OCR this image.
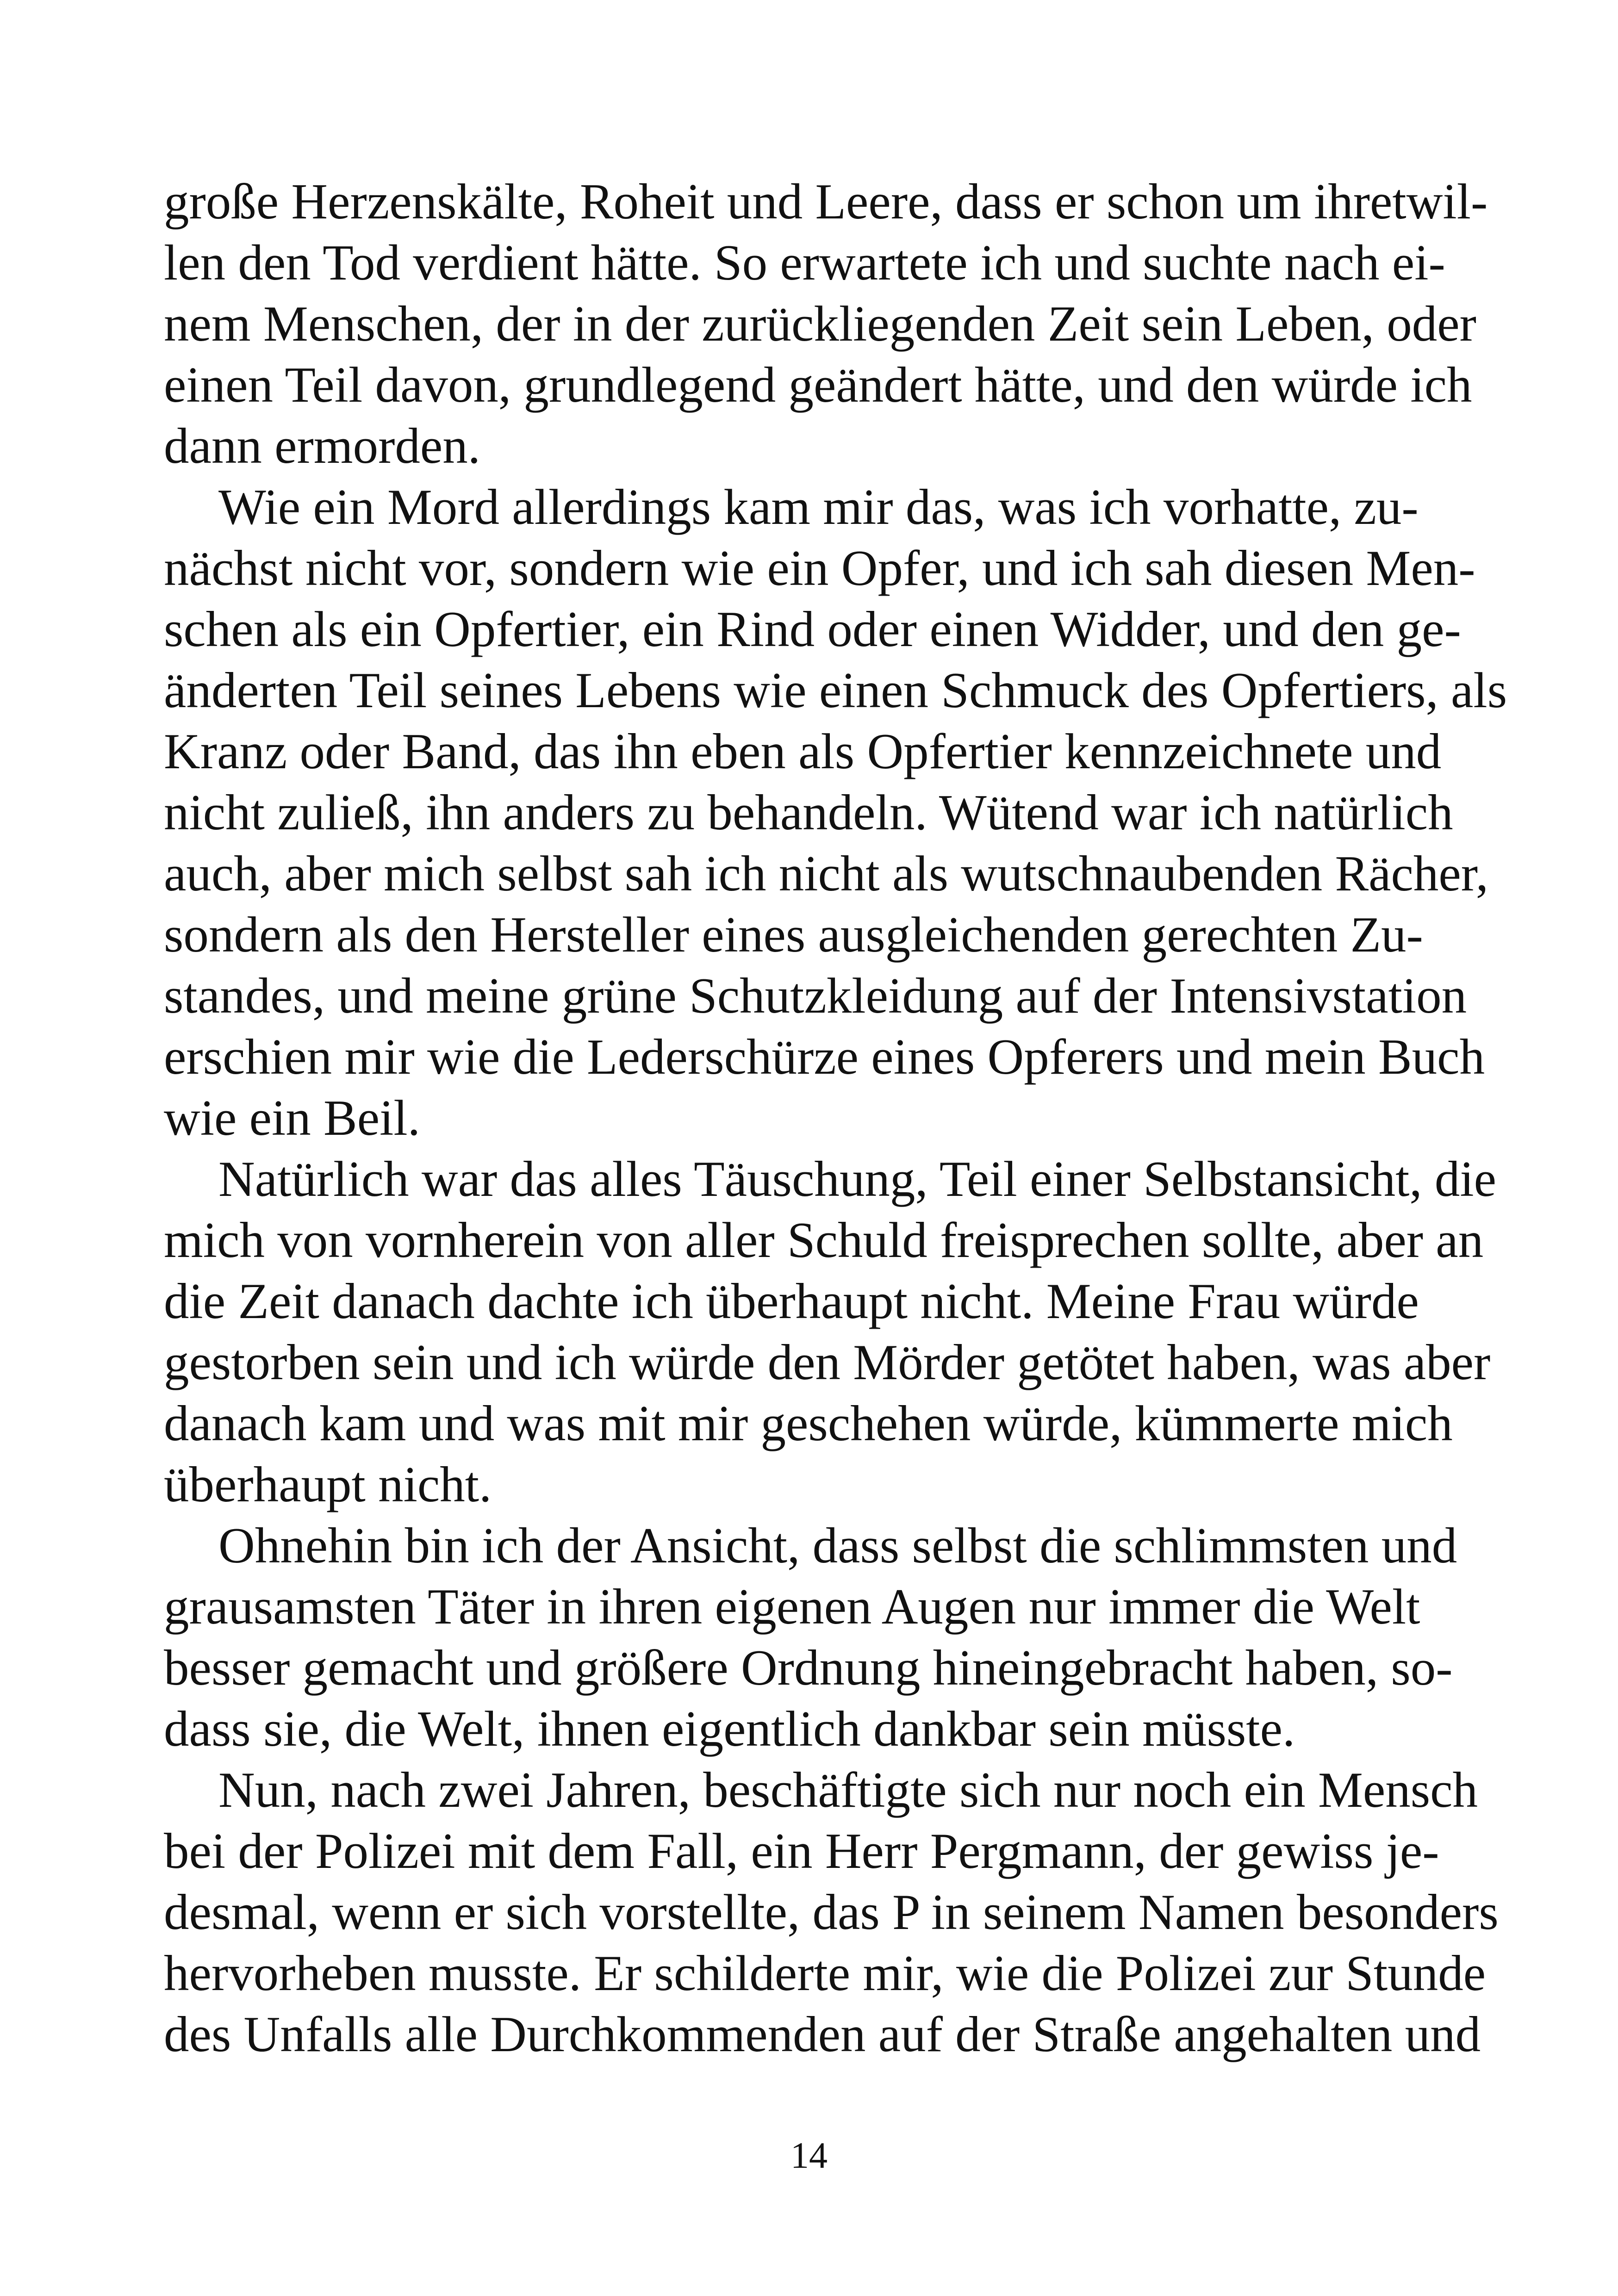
große Herzenskälte, Roheit und Leere, dass er schon um ihretwil-
len den Tod verdient hätte. So erwartete ich und suchte nach ei-
nem Menschen, der in der zurückliegenden Zeit sein Leben, oder
einen Teil davon, grundlegend geändert hätte, und den würde ich
dann ermorden.
Wie ein Mord allerdings kam mir das, was ich vorhatte, zu-
nächst nicht vor, sondern wie ein Opfer, und ich sah diesen Men-
schen als ein Opfertier, ein Rind oder einen Widder, und den ge-
änderten Teil seines Lebens wie einen Schmuck des Opfertiers, als
Kranz oder Band, das ihn eben als Opfertier kennzeichnete und
nicht zuließ, ihn anders zu behandeln. Wütend war ich natürlich
auch, aber mich selbst sah ich nicht als wutschnaubenden Rächer,
sondern als den Hersteller eines ausgleichenden gerechten Zu-
standes, und meine grüne Schutzkleidung auf der Intensivstation
erschien mir wie die Lederschürze eines Opferers und mein Buch
wie ein Beil.
Natürlich war das alles Täuschung, Teil einer Selbstansicht, die
mich von vornherein von aller Schuld freisprechen sollte, aber an
die Zeit danach dachte ich überhaupt nicht. Meine Frau würde
gestorben sein und ich würde den Mörder getötet haben, was aber
danach kam und was mit mir geschehen würde, kümmerte mich
überhaupt nicht.
Ohnehin bin ich der Ansicht, dass selbst die schlimmsten und
grausamsten Täter in ihren eigenen Augen nur immer die Welt
besser gemacht und größere Ordnung hineingebracht haben, so-
dass sie, die Welt, ihnen eigentlich dankbar sein müsste.
Nun, nach zwei Jahren, beschäftigte sich nur noch ein Mensch
bei der Polizei mit dem Fall, ein Herr Pergmann, der gewiss je-
desmal, wenn er sich vorstellte, das P in seinem Namen besonders
hervorheben musste. Er schilderte mir, wie die Polizei zur Stunde
des Unfalls alle Durchkommenden auf der Straße angehalten und
14
